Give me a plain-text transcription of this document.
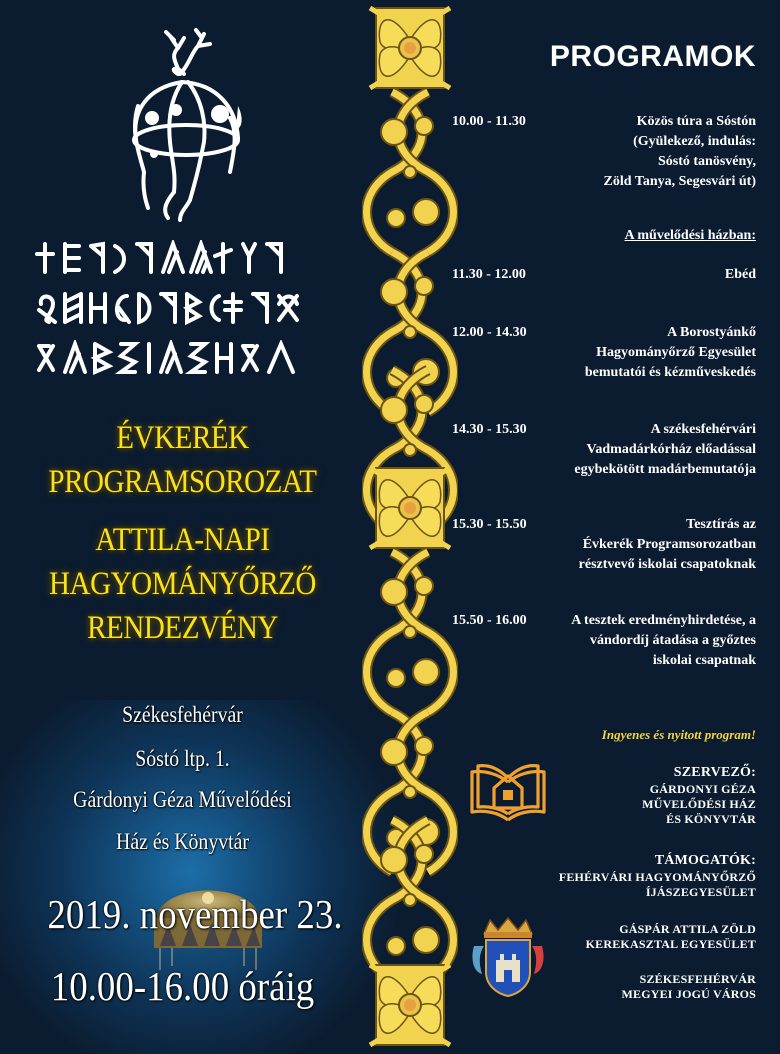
ÉVKERÉK
PROGRAMSOROZAT
ATTILA-NAPI
HAGYOMÁNYŐRZŐ
RENDEZVÉNY
Székesfehérvár
Sóstó ltp. 1.
Gárdonyi Géza Művelődési
Ház és Könyvtár
2019. november 23.
10.00-16.00 óráig
PROGRAMOK
10.00 - 11.30	Közös túra a Sóstón
(Gyülekező, indulás:
Sóstó tanösvény,
Zöld Tanya, Segesvári út)
A művelődési házban:
11.30 - 12.00	Ebéd
12.00 - 14.30	A Borostyánkő
Hagyományőrző Egyesület
bemutatói és kézműveskedés
14.30 - 15.30	A székesfehérvári
Vadmadárkórház előadással
egybekötött madárbemutatója
15.30 - 15.50	Tesztírás az
Évkerék Programsorozatban
résztvevő iskolai csapatoknak
15.50 - 16.00	A tesztek eredményhirdetése, a
vándordíj átadása a győztes
iskolai csapatnak
Ingyenes és nyitott program!
SZERVEZŐ:
GÁRDONYI GÉZA
MŰVELŐDÉSI HÁZ
ÉS KÖNYVTÁR
TÁMOGATÓK:
FEHÉRVÁRI HAGYOMÁNYŐRZŐ
ÍJÁSZEGYESÜLET
GÁSPÁR ATTILA ZÖLD
KEREKASZTAL EGYESÜLET
SZÉKESFEHÉRVÁR
MEGYEI JOGÚ VÁROS
